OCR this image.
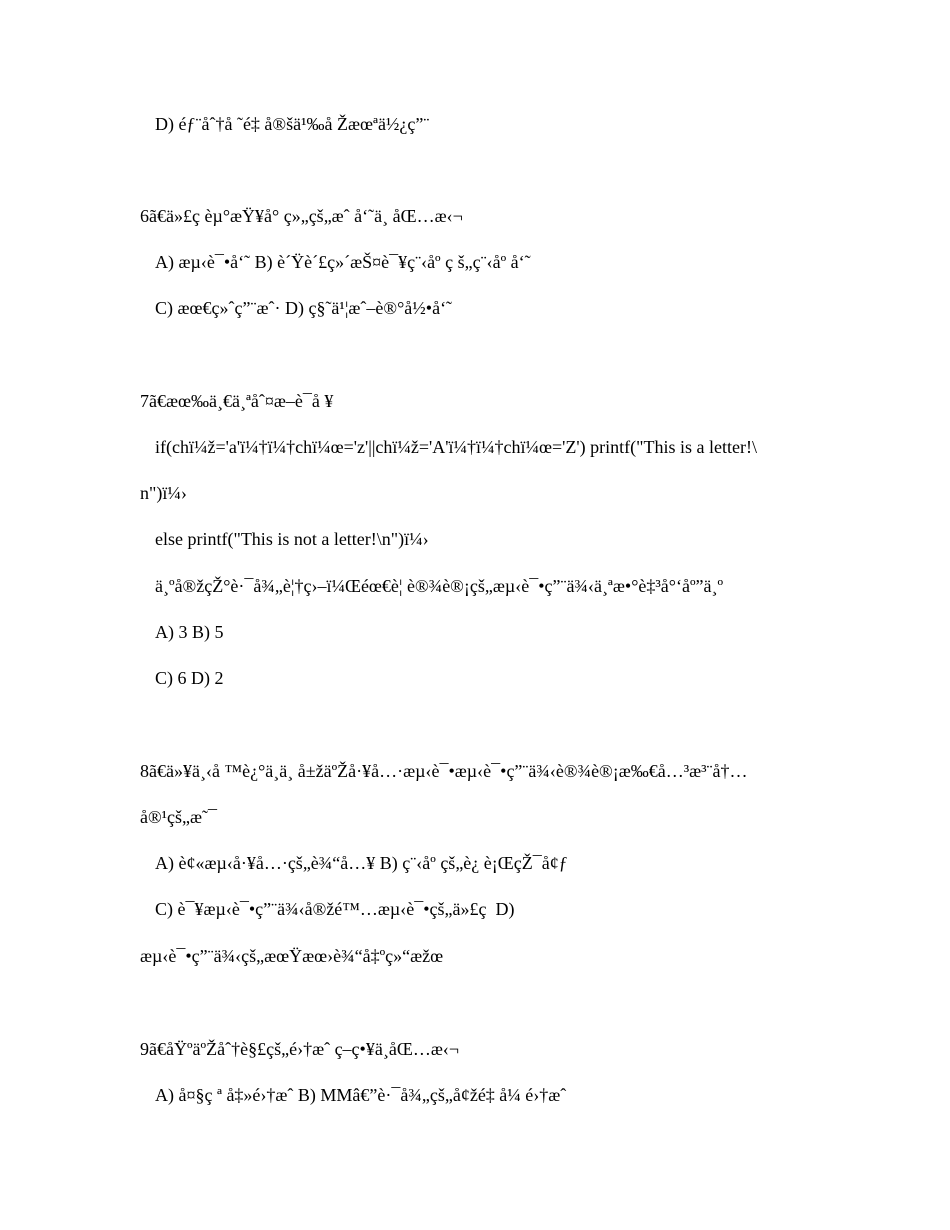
D) éƒ¨åˆ†å ˜é‡ å®šä¹‰å Žæœªä½¿ç”¨
6ã€ä»£ç èµ°æŸ¥å° ç»„çš„æˆ å‘˜ä¸ åŒ…æ‹¬
A) æµ‹è¯•å‘˜ B) è´Ÿè´£ç»´æŠ¤è¯¥ç¨‹åº ç š„ç¨‹åº å‘˜
C) æœ€ç»ˆç”¨æˆ· D) ç§˜ä¹¦æˆ–è®°å½•å‘˜
7ã€æœ‰ä¸€ä¸ªåˆ¤æ–è¯å ¥
if(chï¼ž='a'ï¼†ï¼†chï¼œ='z'||chï¼ž='A'ï¼†ï¼†chï¼œ='Z') printf("This is a letter!\
n")ï¼›
else printf("This is not a letter!\n")ï¼›
ä¸ºå®žçŽ°è·¯å¾„è¦†ç›–ï¼Œéœ€è¦ è®¾è®¡çš„æµ‹è¯•ç”¨ä¾‹ä¸ªæ•°è‡³å°‘åº”ä¸º
A) 3 B) 5
C) 6 D) 2
8ã€ä»¥ä¸‹å ™è¿°ä¸ä¸ å±žäºŽå·¥å…·æµ‹è¯•æµ‹è¯•ç”¨ä¾‹è®¾è®¡æ‰€å…³æ³¨å†…
å®¹çš„æ˜¯
A) è¢«æµ‹å·¥å…·çš„è¾“å…¥ B) ç¨‹åº çš„è¿ è¡ŒçŽ¯å¢ƒ
C) è¯¥æµ‹è¯•ç”¨ä¾‹å®žé™…æµ‹è¯•çš„ä»£ç  D)
æµ‹è¯•ç”¨ä¾‹çš„æœŸæœ›è¾“å‡ºç»“æžœ
9ã€åŸºäºŽåˆ†è§£çš„é›†æˆ ç–ç•¥ä¸åŒ…æ‹¬
A) å¤§ç ª å‡»é›†æˆ B) MMâ€”è·¯å¾„çš„å¢žé‡ å¼ é›†æˆ
